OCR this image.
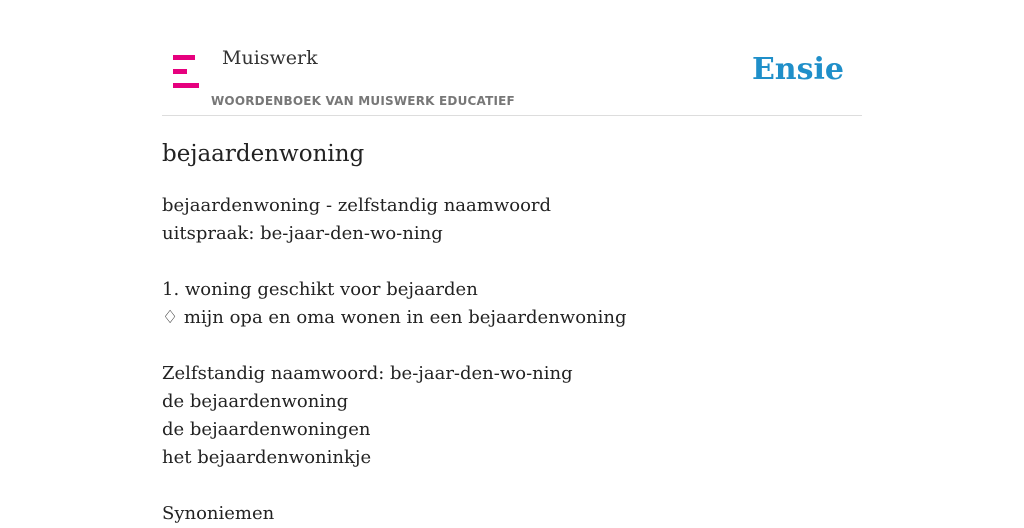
Muiswerk
WOORDENBOEK VAN MUISWERK EDUCATIEF
Ensie
bejaardenwoning
bejaardenwoning - zelfstandig naamwoord
uitspraak: be-jaar-den-wo-ning
1. woning geschikt voor bejaarden
♢ mijn opa en oma wonen in een bejaardenwoning
Zelfstandig naamwoord: be-jaar-den-wo-ning
de bejaardenwoning
de bejaardenwoningen
het bejaardenwoninkje
Synoniemen
